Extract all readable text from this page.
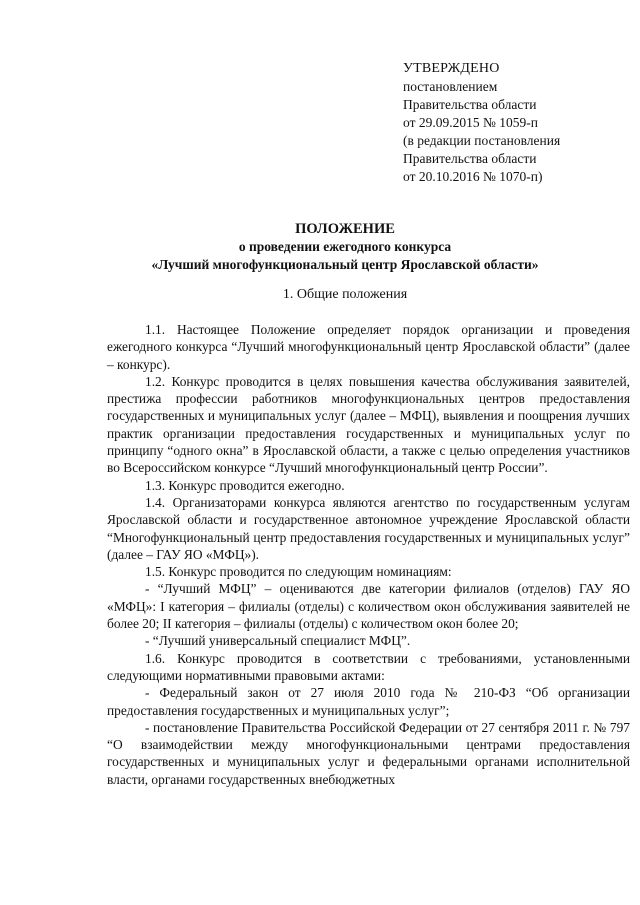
УТВЕРЖДЕНО
постановлением
Правительства области
от 29.09.2015 № 1059-п
(в редакции постановления
Правительства области
от 20.10.2016 № 1070-п)
ПОЛОЖЕНИЕ
о проведении ежегодного конкурса
«Лучший многофункциональный центр Ярославской области»
1. Общие положения

1.1. Настоящее Положение определяет порядок организации и проведения ежегодного конкурса “Лучший многофункциональный центр Ярославской области” (далее – конкурс).

1.2. Конкурс проводится в целях повышения качества обслуживания заявителей, престижа профессии работников многофункциональных центров предоставления государственных и муниципальных услуг (далее – МФЦ), выявления и поощрения лучших практик организации предоставления государственных и муниципальных услуг по принципу “одного окна” в Ярославской области, а также с целью определения участников во Всероссийском конкурсе “Лучший многофункциональный центр России”.

1.3. Конкурс проводится ежегодно.

1.4. Организаторами конкурса являются агентство по государственным услугам Ярославской области и государственное автономное учреждение Ярославской области “Многофункциональный центр предоставления государственных и муниципальных услуг” (далее – ГАУ ЯО «МФЦ»).

1.5. Конкурс проводится по следующим номинациям:

- “Лучший МФЦ” – оцениваются две категории филиалов (отделов) ГАУ ЯО «МФЦ»: I категория – филиалы (отделы) с количеством окон обслуживания заявителей не более 20; II категория – филиалы (отделы) с количеством окон более 20;

- “Лучший универсальный специалист МФЦ”.

1.6. Конкурс проводится в соответствии с требованиями, установленными следующими нормативными правовыми актами:

- Федеральный закон от 27 июля 2010 года № 210-ФЗ “Об организации предоставления государственных и муниципальных услуг”;

- постановление Правительства Российской Федерации от 27 сентября 2011 г. № 797 “О взаимодействии между многофункциональными центрами предоставления государственных и муниципальных услуг и федеральными органами исполнительной власти, органами государственных внебюджетных
